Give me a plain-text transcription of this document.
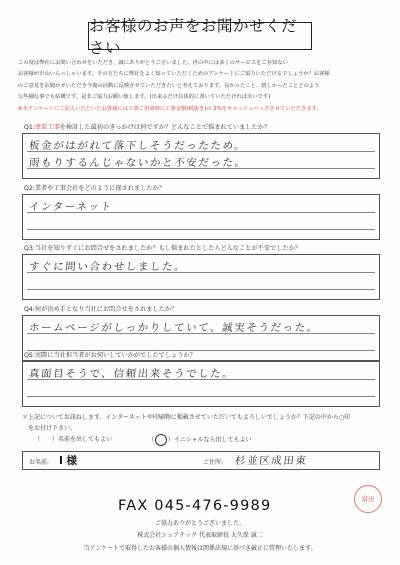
お客様のお声をお聞かせください
この度は弊社にお問い合わせをいただき、誠にありがとうございました。世の中には多くのサービスをご存知ない
お客様が沢山いらっしゃいます。その方たちに弊社をよく知っていただくためのアンケートにご協力いただけるでしょうか？お客様
のご意見をお聞かせいただき今後の活動に反映させていただきたいと考えております。良かったこと、嬉しかったことどのよう
な些細な事でも結構です。是非ご協力お願い致します。(出来るだけ具体的に書いていただければ幸いです)
※本アンケートにご記入いただいたお客様には工事ご用命時に工事金額(税抜き)の 2%をキャッシュバックさせていただきます。
Q1:塗装工事を検討した最初のきっかけは何ですか？どんなことで悩まれていましたか？
板金がはがれて落下しそうだったため。
雨もりするんじゃないかと不安だった。
Q2:業者や工事会社をどのように探されましたか？
インターネット
Q3:当社を知りすぐにお問合せをされましたか？もし悩まれたとしたらどんなことが不安でしたか？
すぐに問い合わせしました。
Q4:何が決め手となり当社にお問合せをされましたか？
ホームページがしっかりしていて、誠実そうだった。
Q5:実際に当社担当者がお伺いしていかがでしたでしょうか？
真面目そうで、信頼出来そうでした。
＊上記についてお訊ねします。インターネットや印刷物に掲載させていただいてもよろしいでしょうか？下記の中から○印
をお付け下さい。
（ ）名前を出してもよい	（○）イニシャルなら出してもよい
お名前: I 様	ご住所: 杉並区成田東
FAX 045-476-9989	富田
ご協力ありがとうございました。
株式会社シェアテック 代表取締役 大久保 誠二
当アンケートで取得したお客様の個人情報は関係法規に基づき厳正に管理いたします。
